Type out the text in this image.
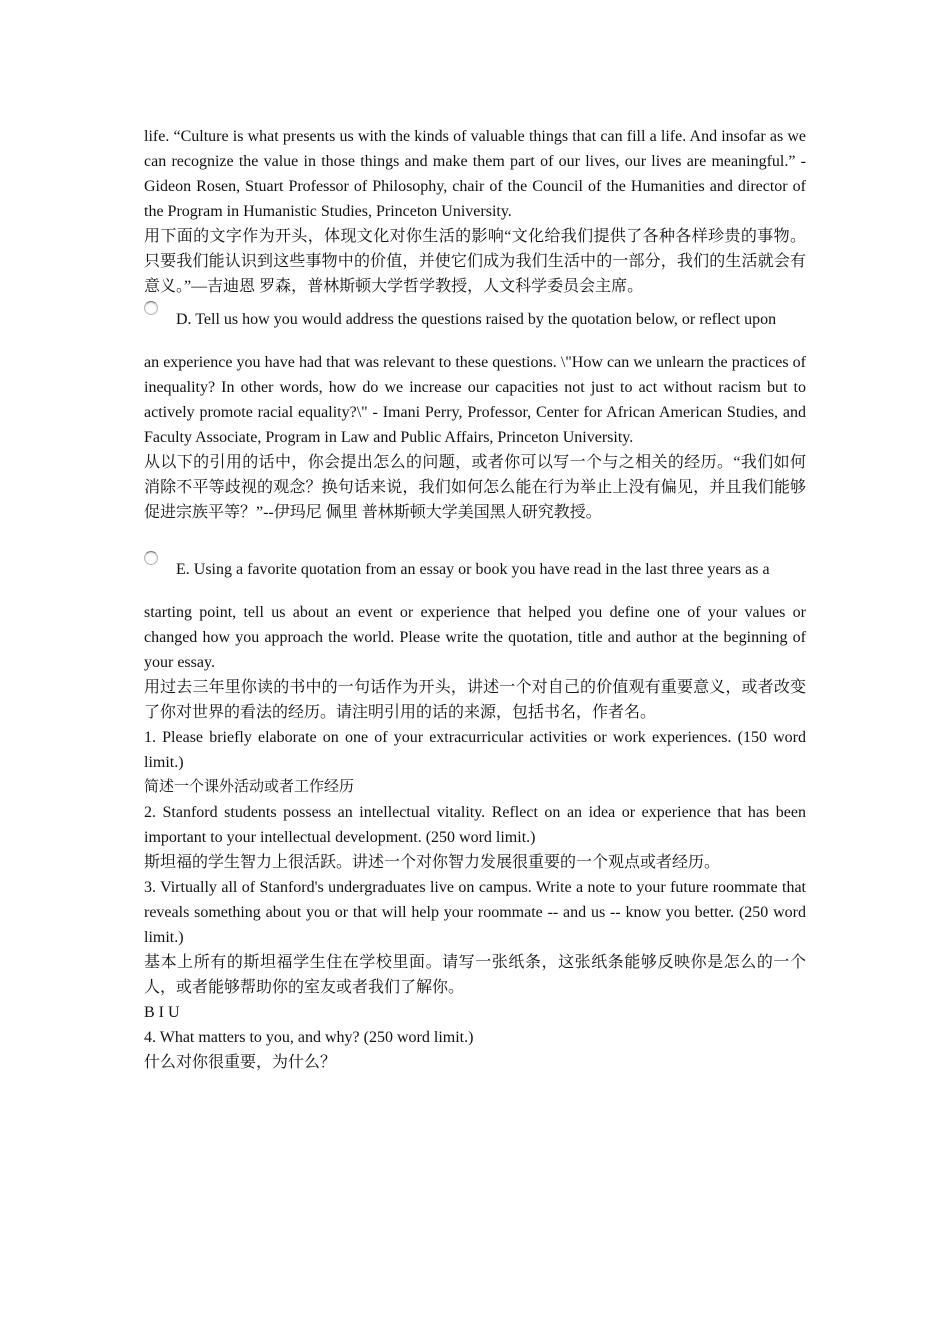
life. “Culture is what presents us with the kinds of valuable things that can fill a life. And insofar as we can recognize the value in those things and make them part of our lives, our lives are meaningful.” - Gideon Rosen, Stuart Professor of Philosophy, chair of the Council of the Humanities and director of the Program in Humanistic Studies, Princeton University.

用下面的文字作为开头，体现文化对你生活的影响“文化给我们提供了各种各样珍贵的事物。只要我们能认识到这些事物中的价值，并使它们成为我们生活中的一部分，我们的生活就会有意义。”—吉迪恩 罗森，普林斯顿大学哲学教授，人文科学委员会主席。

D. Tell us how you would address the questions raised by the quotation below, or reflect upon

an experience you have had that was relevant to these questions. \"How can we unlearn the practices of inequality? In other words, how do we increase our capacities not just to act without racism but to actively promote racial equality?\" - Imani Perry, Professor, Center for African American Studies, and Faculty Associate, Program in Law and Public Affairs, Princeton University.

从以下的引用的话中，你会提出怎么的问题，或者你可以写一个与之相关的经历。“我们如何消除不平等歧视的观念？换句话来说，我们如何怎么能在行为举止上没有偏见，并且我们能够促进宗族平等？”--伊玛尼 佩里 普林斯顿大学美国黑人研究教授。

E. Using a favorite quotation from an essay or book you have read in the last three years as a

starting point, tell us about an event or experience that helped you define one of your values or changed how you approach the world. Please write the quotation, title and author at the beginning of your essay.

用过去三年里你读的书中的一句话作为开头，讲述一个对自己的价值观有重要意义，或者改变了你对世界的看法的经历。请注明引用的话的来源，包括书名，作者名。

1. Please briefly elaborate on one of your extracurricular activities or work experiences. (150 word limit.)

简述一个课外活动或者工作经历

2. Stanford students possess an intellectual vitality. Reflect on an idea or experience that has been important to your intellectual development. (250 word limit.)

斯坦福的学生智力上很活跃。讲述一个对你智力发展很重要的一个观点或者经历。

3. Virtually all of Stanford's undergraduates live on campus. Write a note to your future roommate that reveals something about you or that will help your roommate -- and us -- know you better. (250 word limit.)

基本上所有的斯坦福学生住在学校里面。请写一张纸条，这张纸条能够反映你是怎么的一个人，或者能够帮助你的室友或者我们了解你。

B I U

4. What matters to you, and why? (250 word limit.)

什么对你很重要，为什么？
